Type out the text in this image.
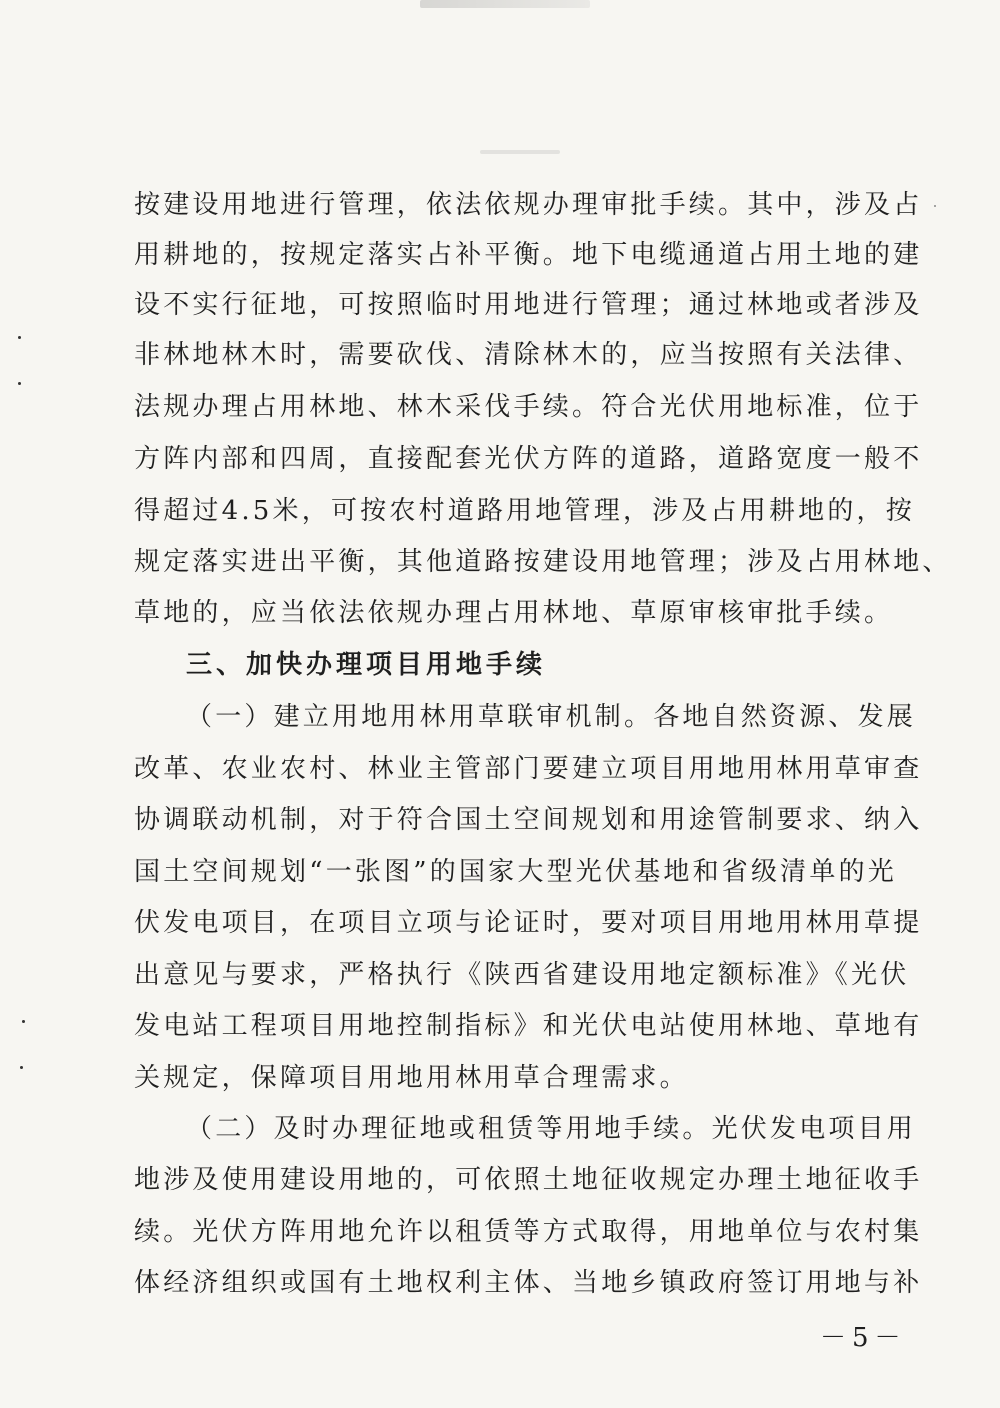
按建设用地进行管理，依法依规办理审批手续。其中，涉及占
用耕地的，按规定落实占补平衡。地下电缆通道占用土地的建
设不实行征地，可按照临时用地进行管理；通过林地或者涉及
非林地林木时，需要砍伐、清除林木的，应当按照有关法律、
法规办理占用林地、林木采伐手续。符合光伏用地标准，位于
方阵内部和四周，直接配套光伏方阵的道路，道路宽度一般不
得超过4.5米，可按农村道路用地管理，涉及占用耕地的，按
规定落实进出平衡，其他道路按建设用地管理；涉及占用林地、
草地的，应当依法依规办理占用林地、草原审核审批手续。
三、加快办理项目用地手续
（一）建立用地用林用草联审机制。各地自然资源、发展
改革、农业农村、林业主管部门要建立项目用地用林用草审查
协调联动机制，对于符合国土空间规划和用途管制要求、纳入
国土空间规划“一张图”的国家大型光伏基地和省级清单的光
伏发电项目，在项目立项与论证时，要对项目用地用林用草提
出意见与要求，严格执行《陕西省建设用地定额标准》《光伏
发电站工程项目用地控制指标》和光伏电站使用林地、草地有
关规定，保障项目用地用林用草合理需求。
（二）及时办理征地或租赁等用地手续。光伏发电项目用
地涉及使用建设用地的，可依照土地征收规定办理土地征收手
续。光伏方阵用地允许以租赁等方式取得，用地单位与农村集
体经济组织或国有土地权利主体、当地乡镇政府签订用地与补
－5－
